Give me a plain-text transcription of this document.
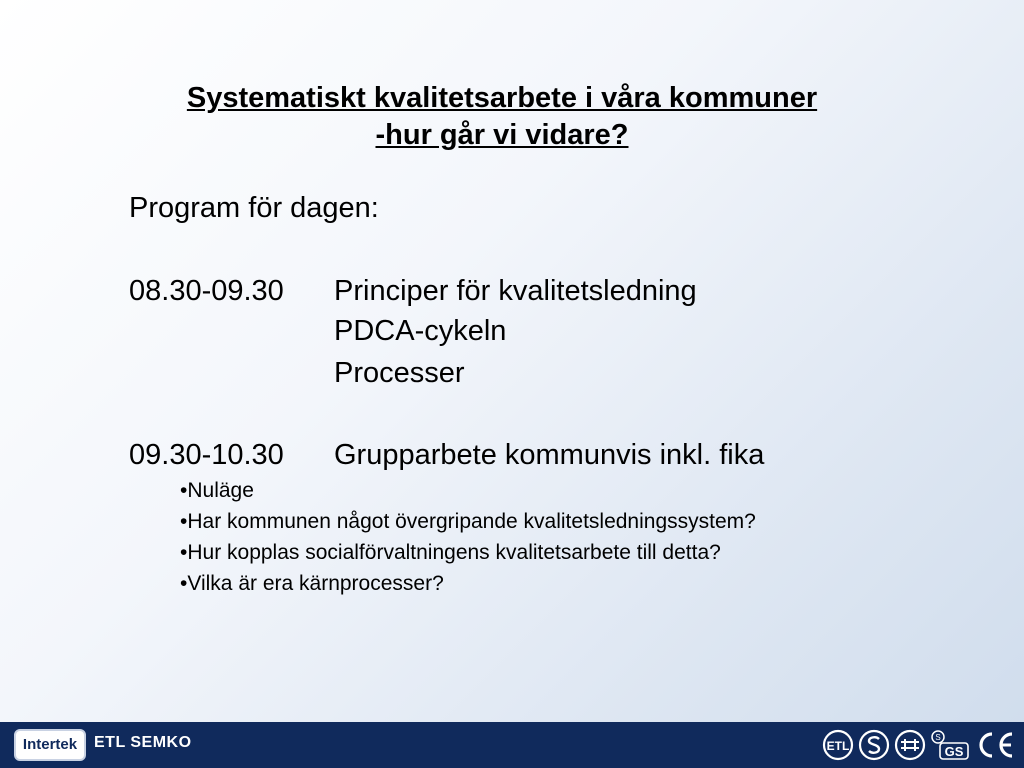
Systematiskt kvalitetsarbete i våra kommuner
-hur går vi vidare?
Program för dagen:
08.30-09.30 Principer för kvalitetsledning
PDCA-cykeln
Processer
09.30-10.30 Grupparbete kommunvis inkl. fika
•Nuläge
•Har kommunen något övergripande kvalitetsledningssystem?
•Hur kopplas socialförvaltningens kvalitetsarbete till detta?
•Vilka är era kärnprocesser?
Intertek	ETL SEMKO	ETL
S
GS
